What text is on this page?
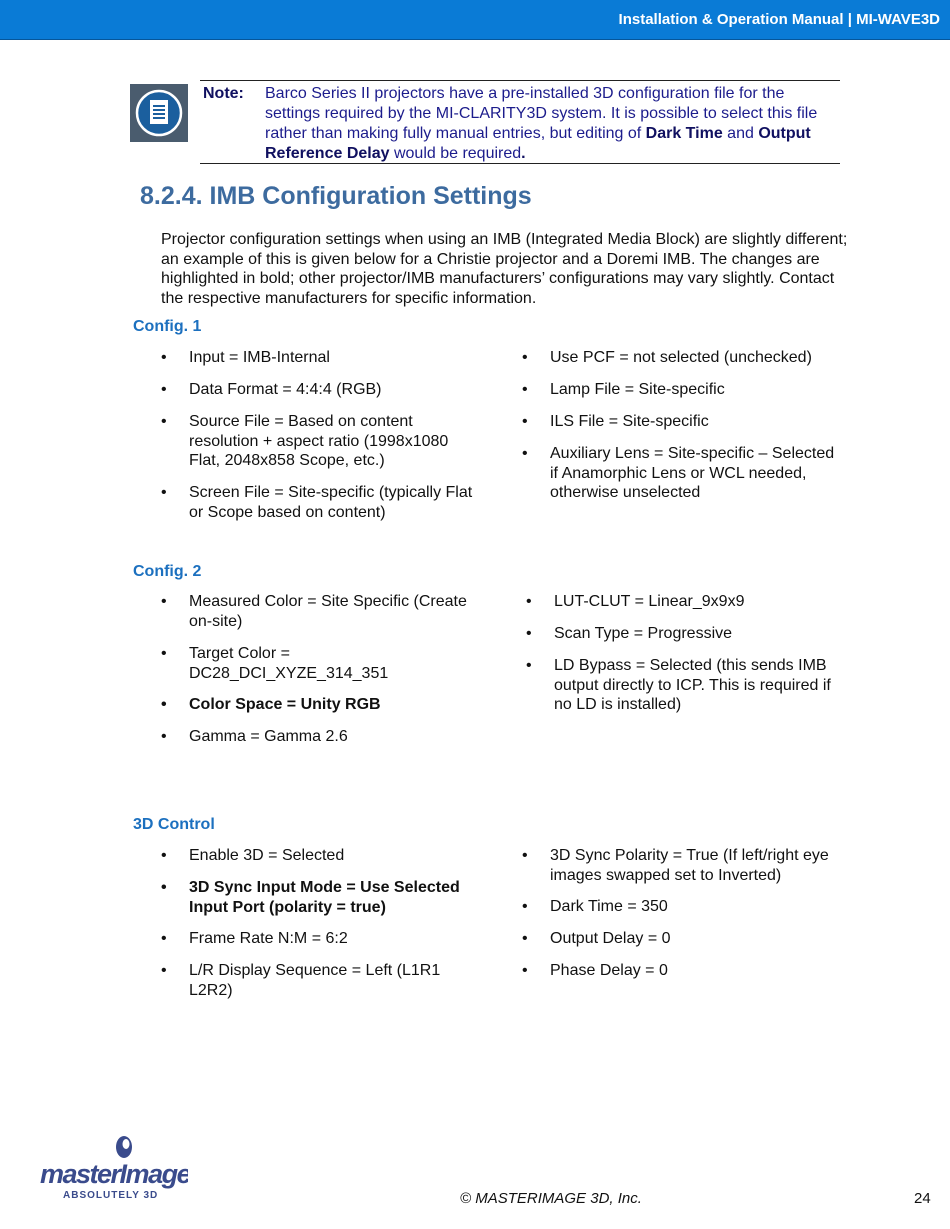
Installation & Operation Manual | MI-WAVE3D
Note: Barco Series II projectors have a pre-installed 3D configuration file for the settings required by the MI-CLARITY3D system. It is possible to select this file rather than making fully manual entries, but editing of Dark Time and Output Reference Delay would be required.
8.2.4. IMB Configuration Settings
Projector configuration settings when using an IMB (Integrated Media Block) are slightly different; an example of this is given below for a Christie projector and a Doremi IMB. The changes are highlighted in bold; other projector/IMB manufacturers’ configurations may vary slightly. Contact the respective manufacturers for specific information.
Config. 1
•	Input = IMB-Internal
•	Data Format = 4:4:4 (RGB)
•	Source File = Based on content resolution + aspect ratio (1998x1080 Flat, 2048x858 Scope, etc.)
•	Screen File = Site-specific (typically Flat or Scope based on content)
•	Use PCF = not selected (unchecked)
•	Lamp File = Site-specific
•	ILS File = Site-specific
•	Auxiliary Lens = Site-specific – Selected if Anamorphic Lens or WCL needed, otherwise unselected
Config. 2
•	Measured Color = Site Specific (Create on-site)
•	Target Color = DC28_DCI_XYZE_314_351
•	Color Space = Unity RGB
•	Gamma = Gamma 2.6
•	LUT-CLUT = Linear_9x9x9
•	Scan Type = Progressive
•	LD Bypass = Selected (this sends IMB output directly to ICP. This is required if no LD is installed)
3D Control
•	Enable 3D = Selected
•	3D Sync Input Mode = Use Selected Input Port (polarity = true)
•	Frame Rate N:M = 6:2
•	L/R Display Sequence = Left (L1R1 L2R2)
•	3D Sync Polarity = True (If left/right eye images swapped set to Inverted)
•	Dark Time = 350
•	Output Delay = 0
•	Phase Delay = 0
masterImage
ABSOLUTELY 3D	© MASTERIMAGE 3D, Inc.	24
